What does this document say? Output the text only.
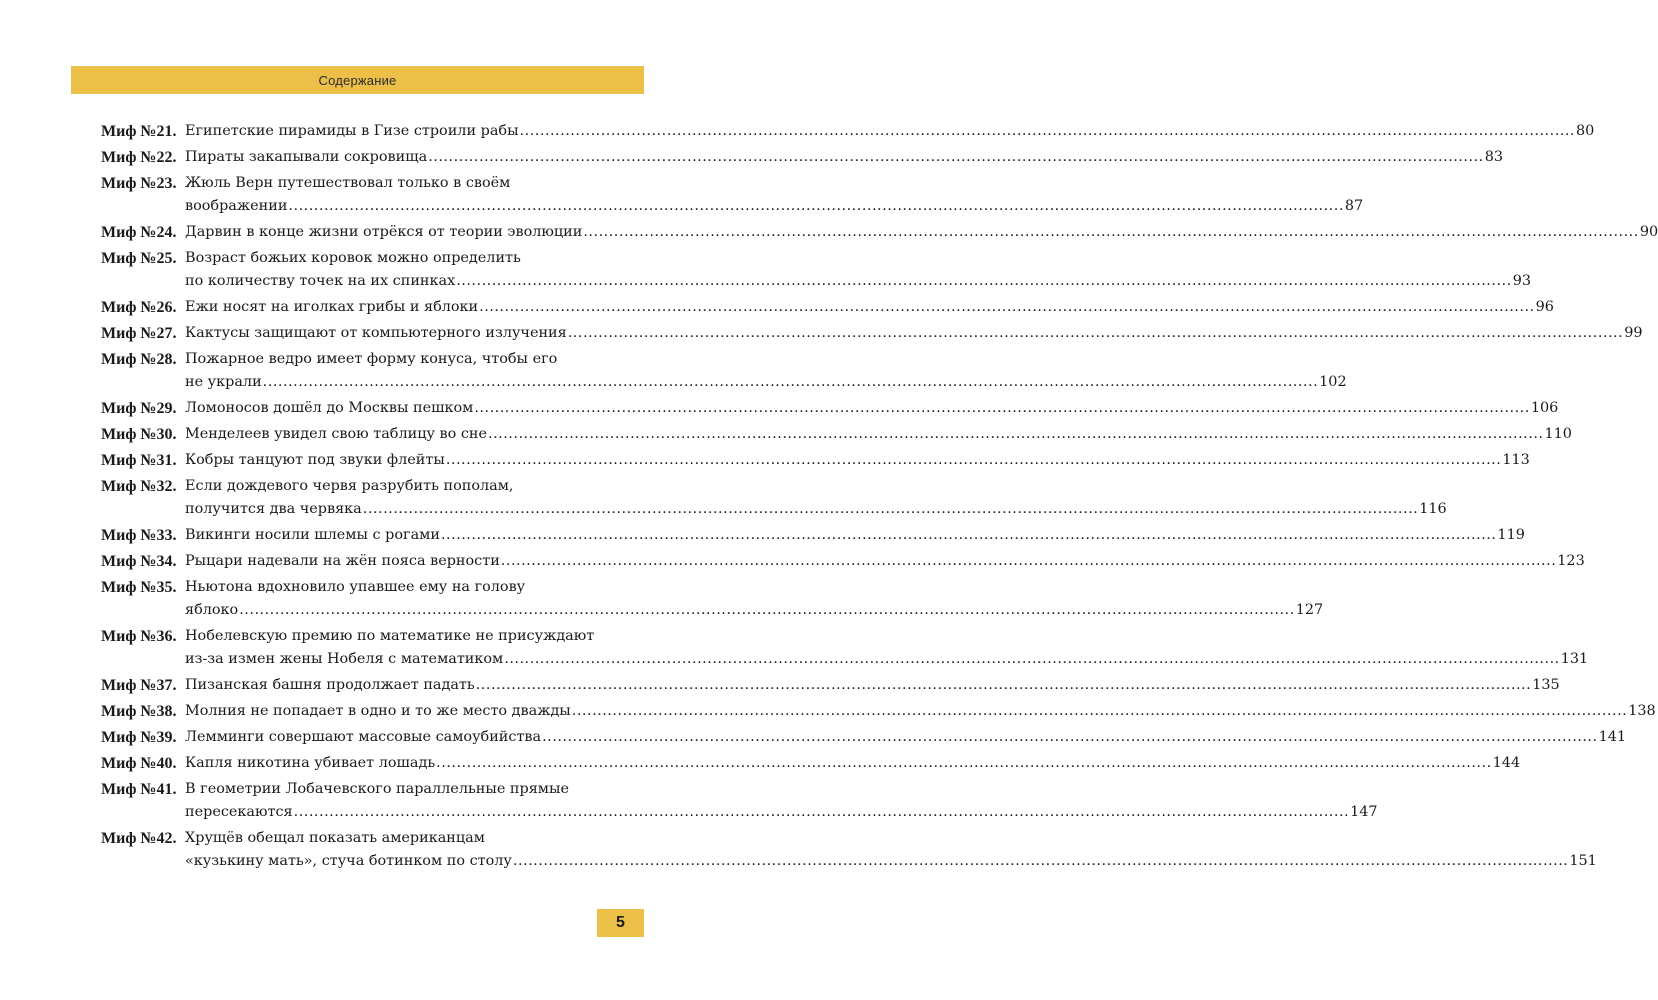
Содержание
Миф №21. Египетские пирамиды в Гизе строили рабы .....	80
Миф №22. Пираты закапывали сокровища .....	83
Миф №23. Жюль Верн путешествовал только в своём
воображении .....	87
Миф №24. Дарвин в конце жизни отрёкся от теории эволюции .....	90
Миф №25. Возраст божьих коровок можно определить
по количеству точек на их спинках .....	93
Миф №26. Ежи носят на иголках грибы и яблоки .....	96
Миф №27. Кактусы защищают от компьютерного излучения .....	99
Миф №28. Пожарное ведро имеет форму конуса, чтобы его
не украли .....	102
Миф №29. Ломоносов дошёл до Москвы пешком .....	106
Миф №30. Менделеев увидел свою таблицу во сне .....	110
Миф №31. Кобры танцуют под звуки флейты .....	113
Миф №32. Если дождевого червя разрубить пополам,
получится два червяка .....	116
Миф №33. Викинги носили шлемы с рогами .....	119
Миф №34. Рыцари надевали на жён пояса верности .....	123
Миф №35. Ньютона вдохновило упавшее ему на голову
яблоко .....	127
Миф №36. Нобелевскую премию по математике не присуждают
из-за измен жены Нобеля с математиком .....	131
Миф №37. Пизанская башня продолжает падать .....	135
Миф №38. Молния не попадает в одно и то же место дважды .....	138
Миф №39. Лемминги совершают массовые самоубийства .....	141
Миф №40. Капля никотина убивает лошадь .....	144
Миф №41. В геометрии Лобачевского параллельные прямые
пересекаются .....	147
Миф №42. Хрущёв обещал показать американцам
«кузькину мать», стуча ботинком по столу .....	151
5
